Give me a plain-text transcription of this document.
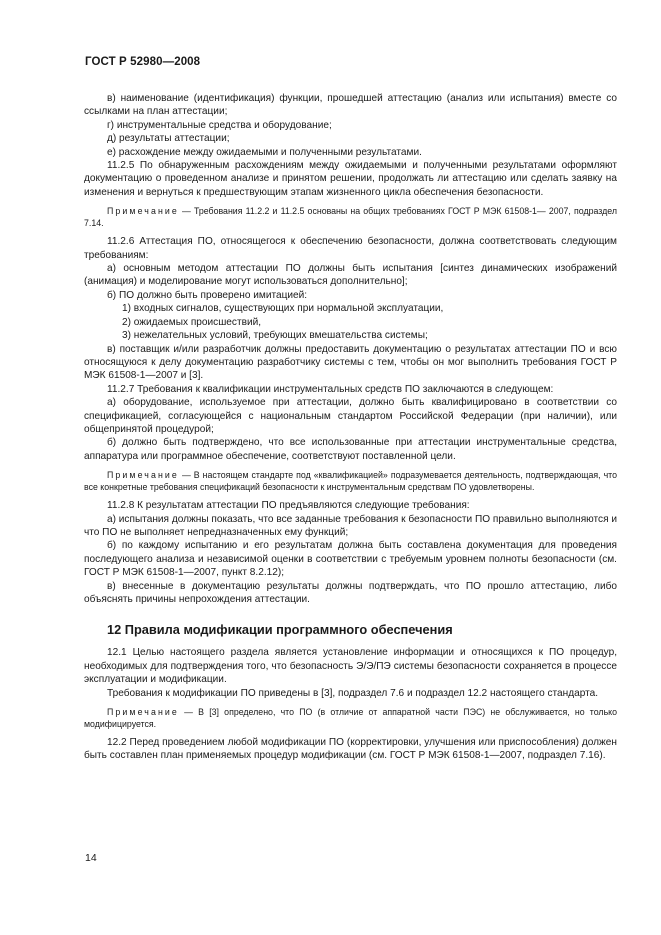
ГОСТ Р 52980—2008

в) наименование (идентификация) функции, прошедшей аттестацию (анализ или испытания) вместе со ссылками на план аттестации;

г) инструментальные средства и оборудование;

д) результаты аттестации;

е) расхождение между ожидаемыми и полученными результатами.

11.2.5 По обнаруженным расхождениям между ожидаемыми и полученными результатами оформляют документацию о проведенном анализе и принятом решении, продолжать ли аттестацию или сделать заявку на изменения и вернуться к предшествующим этапам жизненного цикла обеспечения безопасности.

Примечание — Требования 11.2.2 и 11.2.5 основаны на общих требованиях ГОСТ Р МЭК 61508-1— 2007, подраздел 7.14.

11.2.6 Аттестация ПО, относящегося к обеспечению безопасности, должна соответствовать следующим требованиям:

а) основным методом аттестации ПО должны быть испытания [синтез динамических изображений (анимация) и моделирование могут использоваться дополнительно];

б) ПО должно быть проверено имитацией:

1) входных сигналов, существующих при нормальной эксплуатации,

2) ожидаемых происшествий,

3) нежелательных условий, требующих вмешательства системы;

в) поставщик и/или разработчик должны предоставить документацию о результатах аттестации ПО и всю относящуюся к делу документацию разработчику системы с тем, чтобы он мог выполнить требования ГОСТ Р МЭК 61508-1—2007 и [3].

11.2.7 Требования к квалификации инструментальных средств ПО заключаются в следующем:

а) оборудование, используемое при аттестации, должно быть квалифицировано в соответствии со спецификацией, согласующейся с национальным стандартом Российской Федерации (при наличии), или общепринятой процедурой;

б) должно быть подтверждено, что все использованные при аттестации инструментальные средства, аппаратура или программное обеспечение, соответствуют поставленной цели.

Примечание — В настоящем стандарте под «квалификацией» подразумевается деятельность, подтверждающая, что все конкретные требования спецификаций безопасности к инструментальным средствам ПО удовлетворены.

11.2.8 К результатам аттестации ПО предъявляются следующие требования:

а) испытания должны показать, что все заданные требования к безопасности ПО правильно выполняются и что ПО не выполняет непредназначенных ему функций;

б) по каждому испытанию и его результатам должна быть составлена документация для проведения последующего анализа и независимой оценки в соответствии с требуемым уровнем полноты безопасности (см. ГОСТ Р МЭК 61508-1—2007, пункт 8.2.12);

в) внесенные в документацию результаты должны подтверждать, что ПО прошло аттестацию, либо объяснять причины непрохождения аттестации.

12 Правила модификации программного обеспечения

12.1 Целью настоящего раздела является установление информации и относящихся к ПО процедур, необходимых для подтверждения того, что безопасность Э/Э/ПЭ системы безопасности сохраняется в процессе эксплуатации и модификации.

Требования к модификации ПО приведены в [3], подраздел 7.6 и подраздел 12.2 настоящего стандарта.

Примечание — В [3] определено, что ПО (в отличие от аппаратной части ПЭС) не обслуживается, но только модифицируется.

12.2 Перед проведением любой модификации ПО (корректировки, улучшения или приспособления) должен быть составлен план применяемых процедур модификации (см. ГОСТ Р МЭК 61508-1—2007, подраздел 7.16).

14
